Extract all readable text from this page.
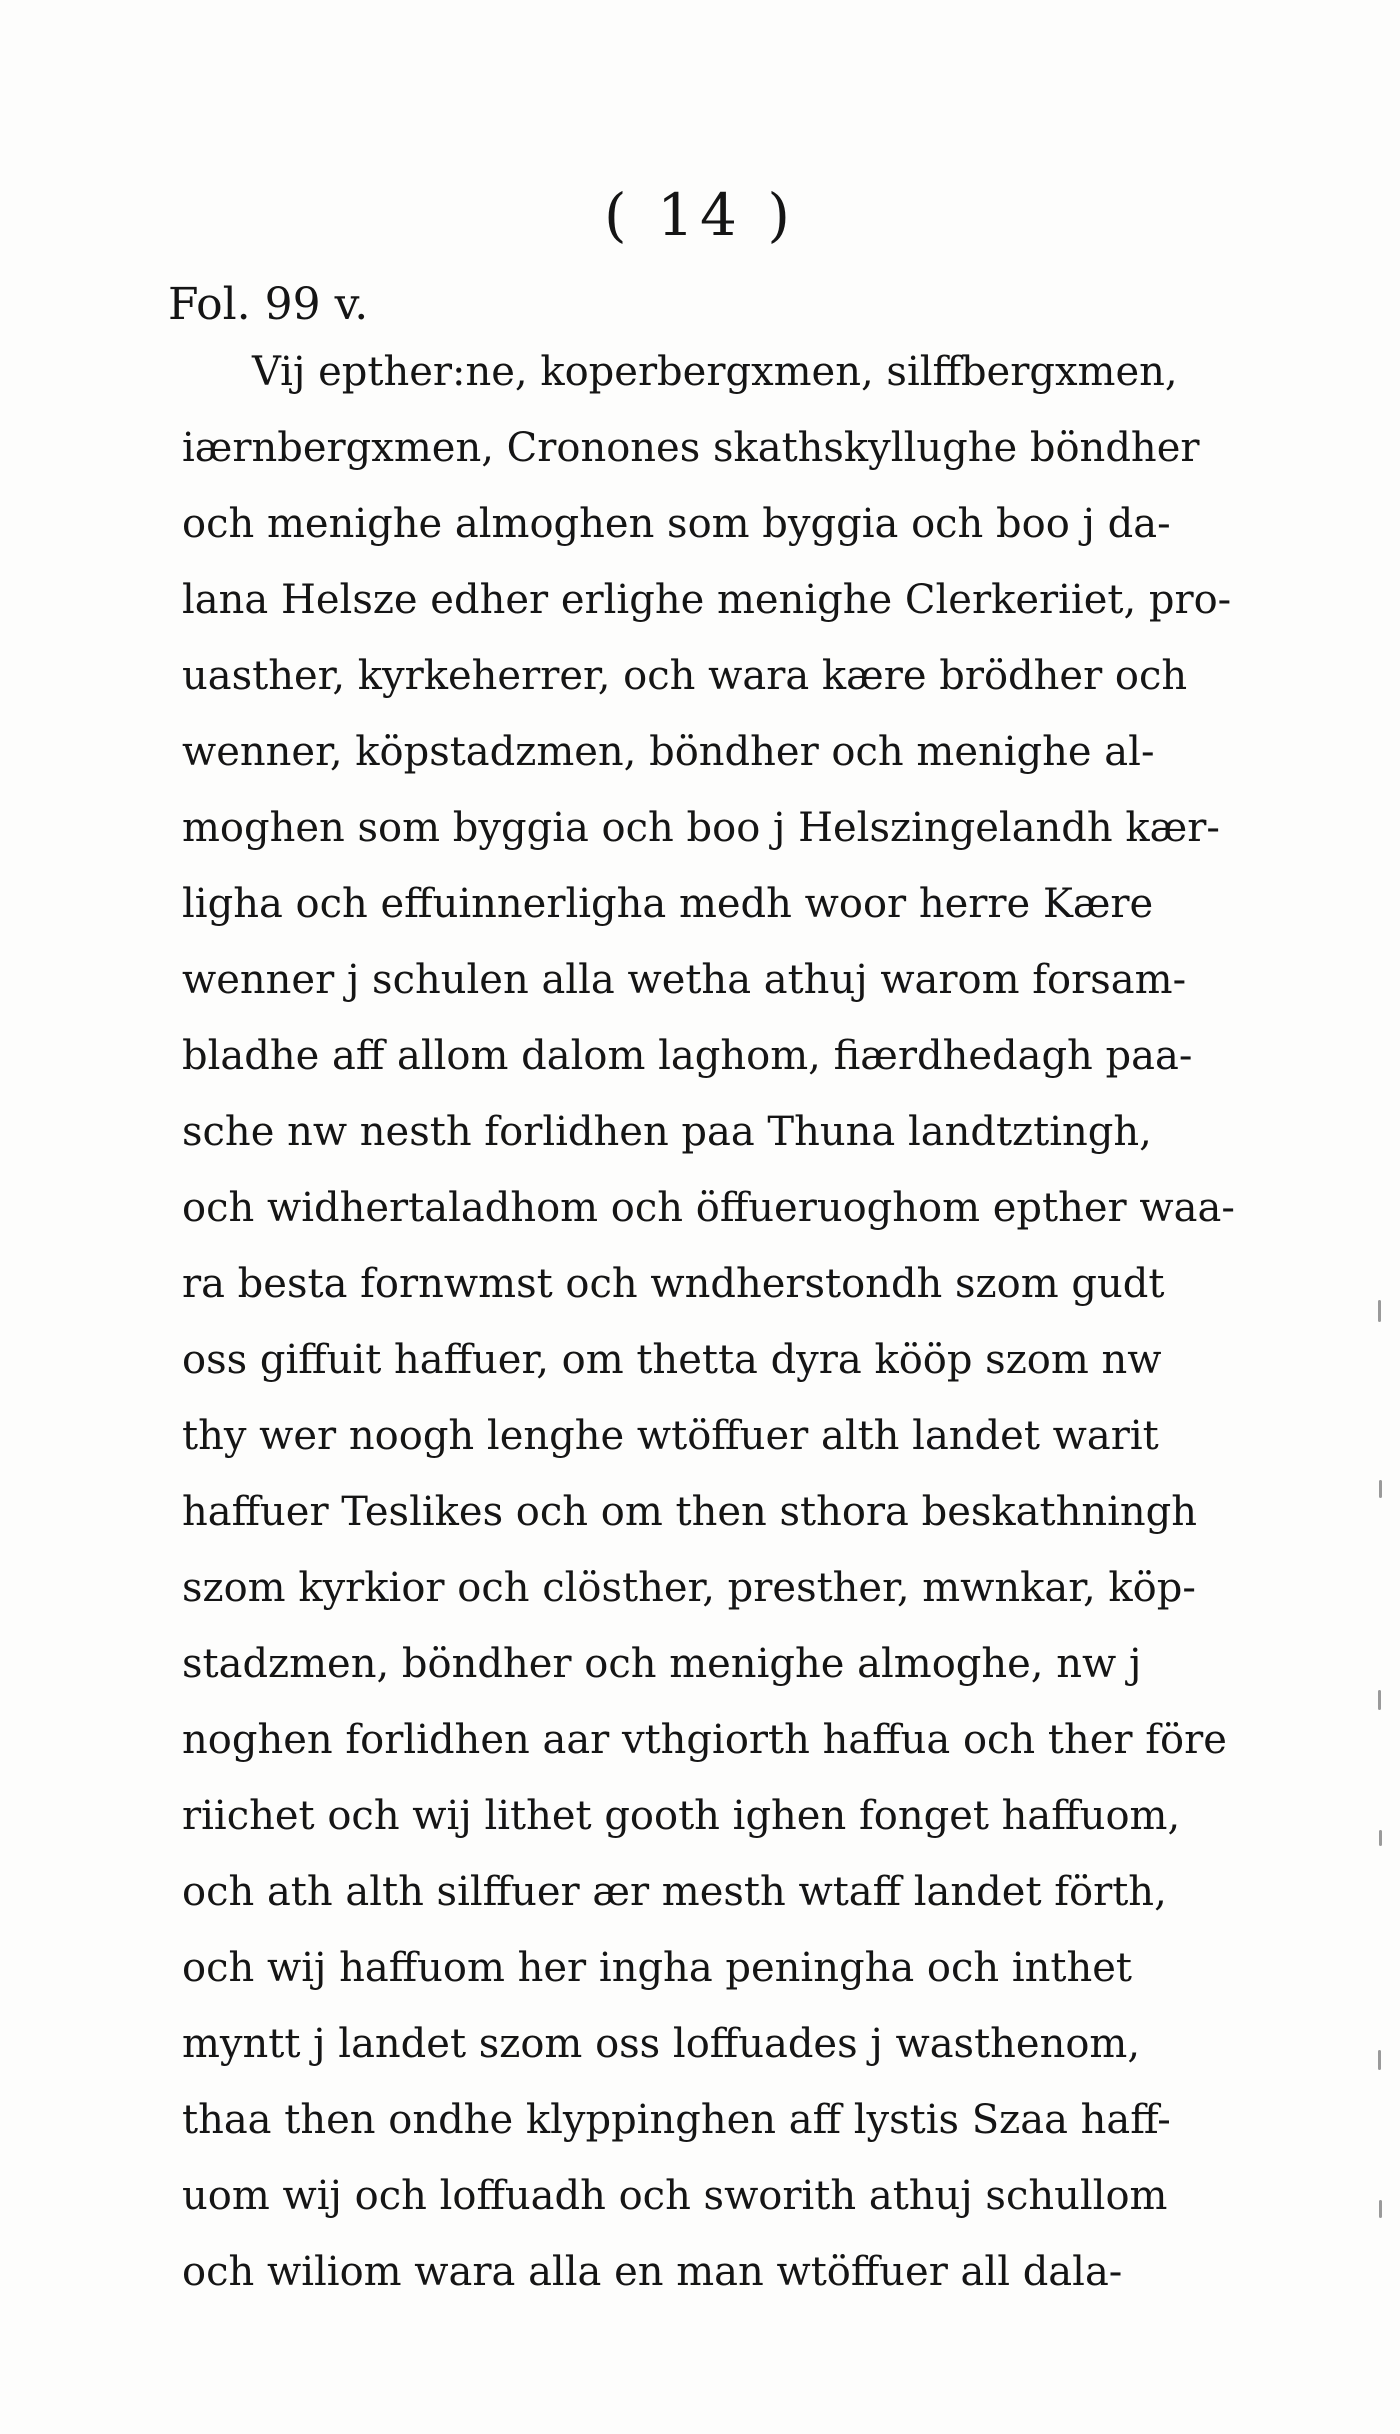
( 14 )
Fol. 99 v.
Vij epther:ne, koperbergxmen, silffbergxmen,
iærnbergxmen, Cronones skathskyllughe böndher
och menighe almoghen som byggia och boo j da-
lana Helsze edher erlighe menighe Clerkeriiet, pro-
uasther, kyrkeherrer, och wara kære brödher och
wenner, köpstadzmen, böndher och menighe al-
moghen som byggia och boo j Helszingelandh kær-
ligha och effuinnerligha medh woor herre Kære
wenner j schulen alla wetha athuj warom forsam-
bladhe aff allom dalom laghom, fiærdhedagh paa-
sche nw nesth forlidhen paa Thuna landtztingh,
och widhertaladhom och öffueruoghom epther waa-
ra besta fornwmst och wndherstondh szom gudt
oss giffuit haffuer, om thetta dyra kööp szom nw
thy wer noogh lenghe wtöffuer alth landet warit
haffuer Teslikes och om then sthora beskathningh
szom kyrkior och clösther, presther, mwnkar, köp-
stadzmen, böndher och menighe almoghe, nw j
noghen forlidhen aar vthgiorth haffua och ther före
riichet och wij lithet gooth ighen fonget haffuom,
och ath alth silffuer ær mesth wtaff landet förth,
och wij haffuom her ingha peningha och inthet
myntt j landet szom oss loffuades j wasthenom,
thaa then ondhe klyppinghen aff lystis Szaa haff-
uom wij och loffuadh och sworith athuj schullom
och wiliom wara alla en man wtöffuer all dala-
